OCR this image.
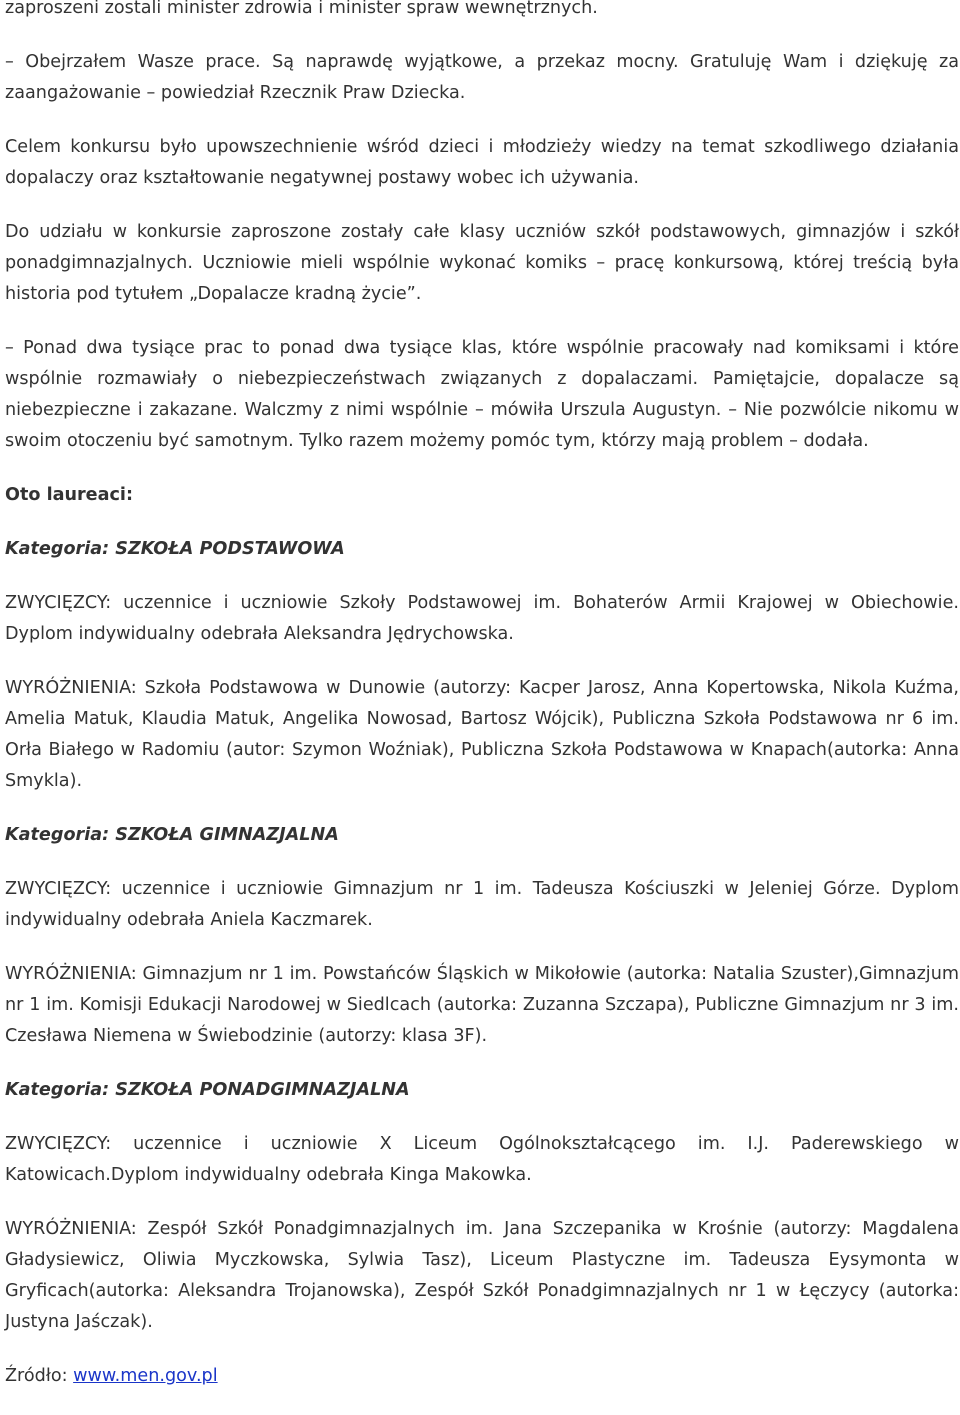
zaproszeni zostali minister zdrowia i minister spraw wewnętrznych.

– Obejrzałem Wasze prace. Są naprawdę wyjątkowe, a przekaz mocny. Gratuluję Wam i dziękuję za zaangażowanie – powiedział Rzecznik Praw Dziecka.

Celem konkursu było upowszechnienie wśród dzieci i młodzieży wiedzy na temat szkodliwego działania dopalaczy oraz kształtowanie negatywnej postawy wobec ich używania.

Do udziału w konkursie zaproszone zostały całe klasy uczniów szkół podstawowych, gimnazjów i szkół ponadgimnazjalnych. Uczniowie mieli wspólnie wykonać komiks – pracę konkursową, której treścią była historia pod tytułem „Dopalacze kradną życie”.

– Ponad dwa tysiące prac to ponad dwa tysiące klas, które wspólnie pracowały nad komiksami i które wspólnie rozmawiały o niebezpieczeństwach związanych z dopalaczami. Pamiętajcie, dopalacze są niebezpieczne i zakazane. Walczmy z nimi wspólnie – mówiła Urszula Augustyn. – Nie pozwólcie nikomu w swoim otoczeniu być samotnym. Tylko razem możemy pomóc tym, którzy mają problem – dodała.

Oto laureaci:
Kategoria: SZKOŁA PODSTAWOWA

ZWYCIĘZCY: uczennice i uczniowie Szkoły Podstawowej im. Bohaterów Armii Krajowej w Obiechowie. Dyplom indywidualny odebrała Aleksandra Jędrychowska.

WYRÓŻNIENIA: Szkoła Podstawowa w Dunowie (autorzy: Kacper Jarosz, Anna Kopertowska, Nikola Kuźma, Amelia Matuk, Klaudia Matuk, Angelika Nowosad, Bartosz Wójcik), Publiczna Szkoła Podstawowa nr 6 im. Orła Białego w Radomiu (autor: Szymon Woźniak), Publiczna Szkoła Podstawowa w Knapach(autorka: Anna Smykla).

Kategoria: SZKOŁA GIMNAZJALNA

ZWYCIĘZCY: uczennice i uczniowie Gimnazjum nr 1 im. Tadeusza Kościuszki w Jeleniej Górze. Dyplom indywidualny odebrała Aniela Kaczmarek.

WYRÓŻNIENIA: Gimnazjum nr 1 im. Powstańców Śląskich w Mikołowie (autorka: Natalia Szuster),Gimnazjum nr 1 im. Komisji Edukacji Narodowej w Siedlcach (autorka: Zuzanna Szczapa), Publiczne Gimnazjum nr 3 im. Czesława Niemena w Świebodzinie (autorzy: klasa 3F).

Kategoria: SZKOŁA PONADGIMNAZJALNA

ZWYCIĘZCY: uczennice i uczniowie X Liceum Ogólnokształcącego im. I.J. Paderewskiego w Katowicach.Dyplom indywidualny odebrała Kinga Makowka.

WYRÓŻNIENIA: Zespół Szkół Ponadgimnazjalnych im. Jana Szczepanika w Krośnie (autorzy: Magdalena Gładysiewicz, Oliwia Myczkowska, Sylwia Tasz), Liceum Plastyczne im. Tadeusza Eysymonta w Gryficach(autorka: Aleksandra Trojanowska), Zespół Szkół Ponadgimnazjalnych nr 1 w Łęczycy (autorka: Justyna Jaśczak).

Źródło: www.men.gov.pl
